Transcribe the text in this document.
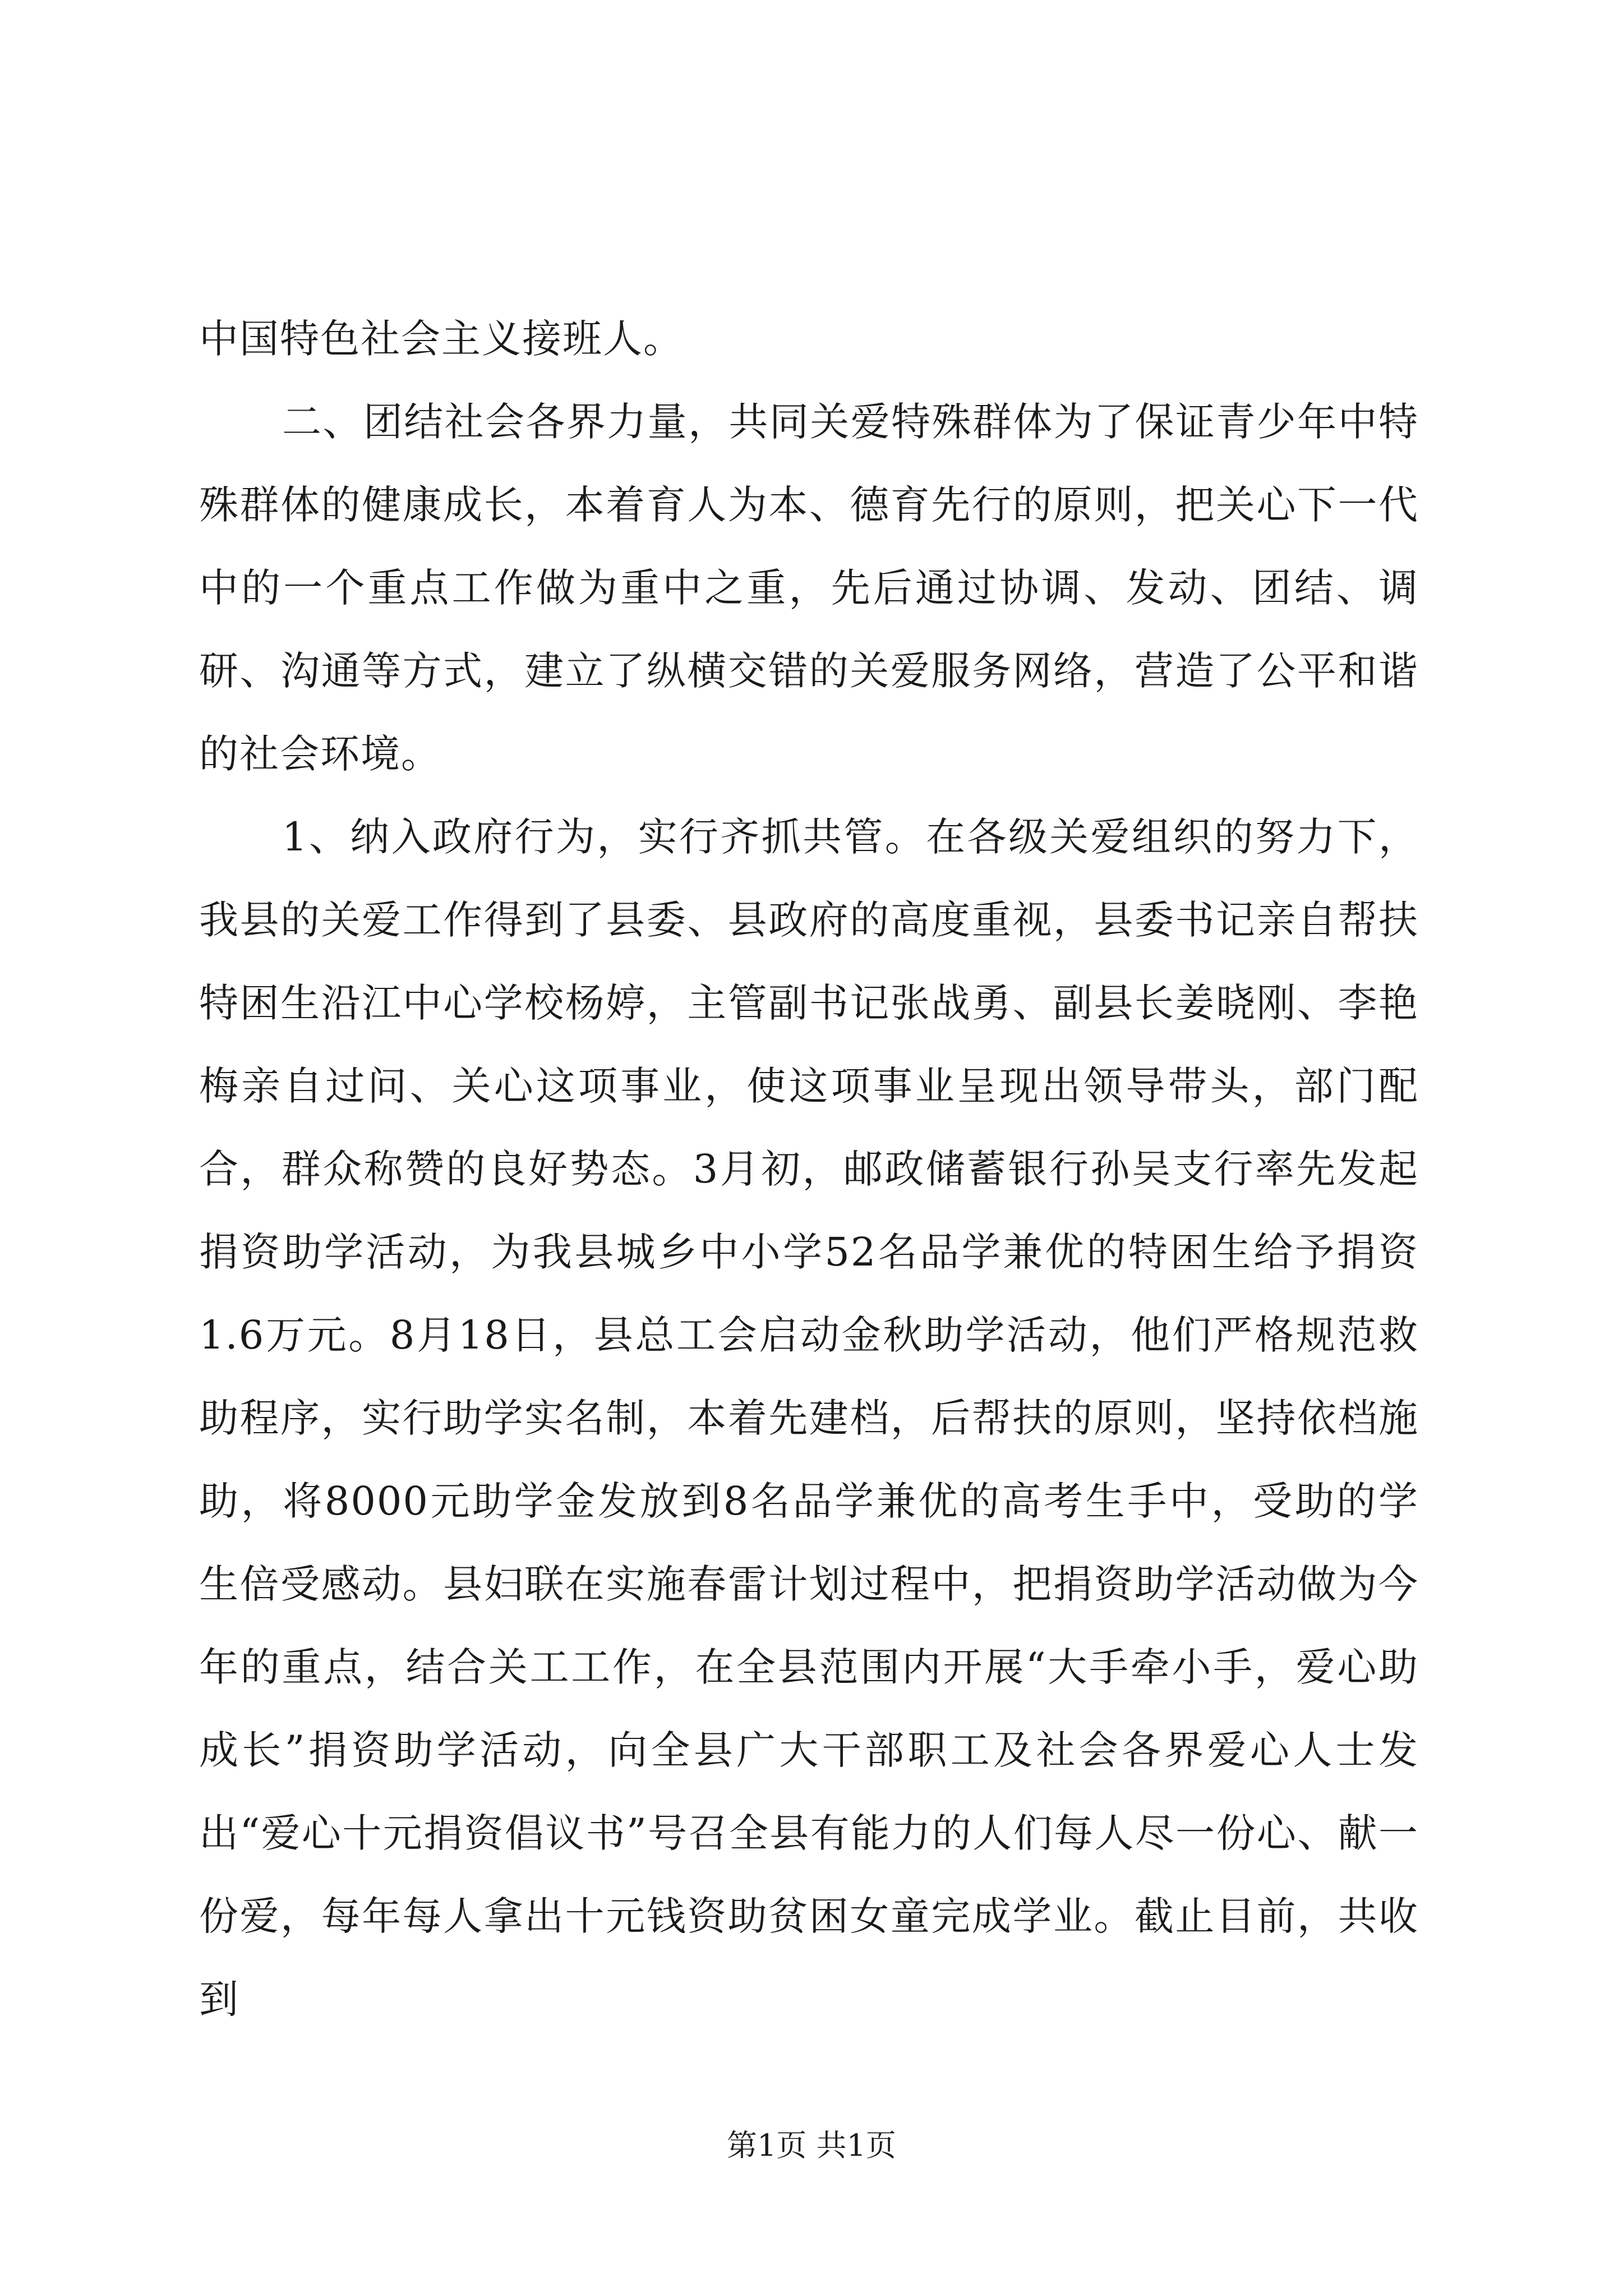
中国特色社会主义接班人。

二、团结社会各界力量，共同关爱特殊群体为了保证青少年中特殊群体的健康成长，本着育人为本、德育先行的原则，把关心下一代中的一个重点工作做为重中之重，先后通过协调、发动、团结、调研、沟通等方式，建立了纵横交错的关爱服务网络，营造了公平和谐的社会环境。

1、纳入政府行为，实行齐抓共管。在各级关爱组织的努力下，我县的关爱工作得到了县委、县政府的高度重视，县委书记亲自帮扶特困生沿江中心学校杨婷，主管副书记张战勇、副县长姜晓刚、李艳梅亲自过问、关心这项事业，使这项事业呈现出领导带头，部门配合，群众称赞的良好势态。3月初，邮政储蓄银行孙吴支行率先发起捐资助学活动，为我县城乡中小学52名品学兼优的特困生给予捐资1.6万元。8月18日，县总工会启动金秋助学活动，他们严格规范救助程序，实行助学实名制，本着先建档，后帮扶的原则，坚持依档施助，将8000元助学金发放到8名品学兼优的高考生手中，受助的学生倍受感动。县妇联在实施春雷计划过程中，把捐资助学活动做为今年的重点，结合关工工作，在全县范围内开展“大手牵小手，爱心助成长”捐资助学活动，向全县广大干部职工及社会各界爱心人士发出“爱心十元捐资倡议书”号召全县有能力的人们每人尽一份心、献一份爱，每年每人拿出十元钱资助贫困女童完成学业。截止目前，共收到

第1页 共1页
